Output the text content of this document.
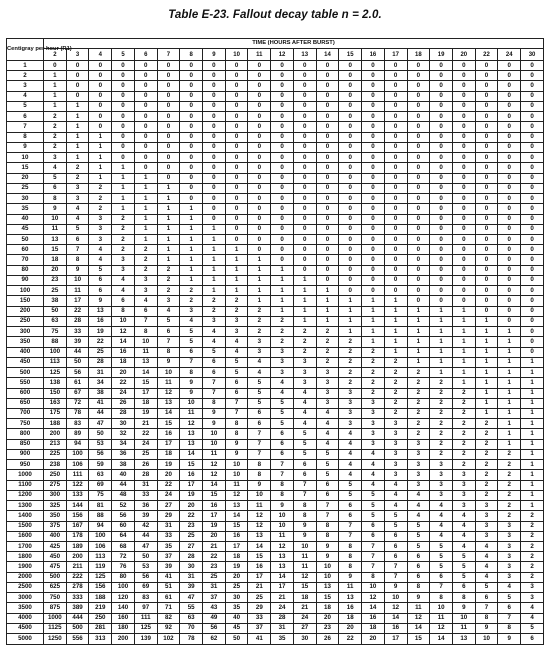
Table E-23. Fallout decay table n = 2.0.
Centigray per hour (R1)	TIME (HOURS AFTER BURST)																					
	2	3	4	5	6	7	8	9	10	11	12	13	14	15	16	17	18	19	20	22	24	30
1	0	0	0	0	0	0	0	0	0	0	0	0	0	0	0	0	0	0	0	0	0	0
2	1	0	0	0	0	0	0	0	0	0	0	0	0	0	0	0	0	0	0	0	0	0
3	1	0	0	0	0	0	0	0	0	0	0	0	0	0	0	0	0	0	0	0	0	0
4	1	0	0	0	0	0	0	0	0	0	0	0	0	0	0	0	0	0	0	0	0	0
5	1	1	0	0	0	0	0	0	0	0	0	0	0	0	0	0	0	0	0	0	0	0
6	2	1	0	0	0	0	0	0	0	0	0	0	0	0	0	0	0	0	0	0	0	0
7	2	1	0	0	0	0	0	0	0	0	0	0	0	0	0	0	0	0	0	0	0	0
8	2	1	1	0	0	0	0	0	0	0	0	0	0	0	0	0	0	0	0	0	0	0
9	2	1	1	0	0	0	0	0	0	0	0	0	0	0	0	0	0	0	0	0	0	0
10	3	1	1	0	0	0	0	0	0	0	0	0	0	0	0	0	0	0	0	0	0	0
15	4	2	1	1	0	0	0	0	0	0	0	0	0	0	0	0	0	0	0	0	0	0
20	5	2	1	1	1	0	0	0	0	0	0	0	0	0	0	0	0	0	0	0	0	0
25	6	3	2	1	1	1	0	0	0	0	0	0	0	0	0	0	0	0	0	0	0	0
30	8	3	2	1	1	1	0	0	0	0	0	0	0	0	0	0	0	0	0	0	0	0
35	9	4	2	1	1	1	1	0	0	0	0	0	0	0	0	0	0	0	0	0	0	0
40	10	4	3	2	1	1	1	0	0	0	0	0	0	0	0	0	0	0	0	0	0	0
45	11	5	3	2	1	1	1	1	0	0	0	0	0	0	0	0	0	0	0	0	0	0
50	13	6	3	2	1	1	1	1	0	0	0	0	0	0	0	0	0	0	0	0	0	0
60	15	7	4	2	2	1	1	1	1	0	0	0	0	0	0	0	0	0	0	0	0	0
70	18	8	4	3	2	1	1	1	1	1	0	0	0	0	0	0	0	0	0	0	0	0
80	20	9	5	3	2	2	1	1	1	1	1	0	0	0	0	0	0	0	0	0	0	0
90	23	10	6	4	3	2	1	1	1	1	1	1	0	0	0	0	0	0	0	0	0	0
100	25	11	6	4	3	2	2	1	1	1	1	1	1	0	0	0	0	0	0	0	0	0
150	38	17	9	6	4	3	2	2	2	1	1	1	1	1	1	1	0	0	0	0	0	0
200	50	22	13	8	6	4	3	2	2	2	1	1	1	1	1	1	1	1	1	0	0	0
250	63	28	16	10	7	5	4	3	3	2	2	1	1	1	1	1	1	1	1	1	0	0
300	75	33	19	12	8	6	5	4	3	2	2	2	2	1	1	1	1	1	1	1	1	0
350	88	39	22	14	10	7	5	4	4	3	2	2	2	2	1	1	1	1	1	1	1	0
400	100	44	25	16	11	8	6	5	4	3	3	2	2	2	2	1	1	1	1	1	1	0
450	113	50	28	18	13	9	7	6	5	4	3	3	2	2	2	2	1	1	1	1	1	1
500	125	56	31	20	14	10	8	6	5	4	3	3	3	2	2	2	2	1	1	1	1	1
550	138	61	34	22	15	11	9	7	6	5	4	3	3	2	2	2	2	2	1	1	1	1
600	150	67	38	24	17	12	9	7	6	5	4	4	3	3	2	2	2	2	2	1	1	1
650	163	72	41	26	18	13	10	8	7	5	5	4	3	3	3	2	2	2	2	1	1	1
700	175	78	44	28	19	14	11	9	7	6	5	4	4	3	3	2	2	2	2	1	1	1
750	188	83	47	30	21	15	12	9	8	6	5	4	4	3	3	3	2	2	2	2	1	1
800	200	89	50	32	22	16	13	10	8	7	6	5	4	4	3	3	2	2	2	2	1	1
850	213	94	53	34	24	17	13	10	9	7	6	5	4	4	3	3	3	2	2	2	1	1
900	225	100	56	36	25	18	14	11	9	7	6	5	5	4	4	3	3	2	2	2	2	1
950	238	106	59	38	26	19	15	12	10	8	7	6	5	4	4	3	3	3	2	2	2	1
1000	250	111	63	40	28	20	16	12	10	8	7	6	5	4	4	3	3	3	3	2	2	1
1100	275	122	69	44	31	22	17	14	11	9	8	7	6	5	4	4	3	3	3	2	2	1
1200	300	133	75	48	33	24	19	15	12	10	8	7	6	5	5	4	4	3	3	2	2	1
1300	325	144	81	52	36	27	20	16	13	11	9	8	7	6	5	4	4	4	3	3	2	1
1400	350	156	88	56	39	29	22	17	14	12	10	8	7	6	5	5	4	4	4	3	2	2
1500	375	167	94	60	42	31	23	19	15	12	10	9	8	7	6	5	5	4	4	3	3	2
1600	400	178	100	64	44	33	25	20	16	13	11	9	8	7	6	6	5	4	4	3	3	2
1700	425	189	106	68	47	35	27	21	17	14	12	10	9	8	7	6	5	5	4	4	3	2
1800	450	200	113	72	50	37	28	22	18	15	13	11	9	8	7	6	6	5	5	4	3	2
1900	475	211	119	76	53	39	30	23	19	16	13	11	10	8	7	7	6	5	5	4	3	2
2000	500	222	125	80	56	41	31	25	20	17	14	12	10	9	8	7	6	6	5	4	3	2
2500	625	278	156	100	69	51	39	31	25	21	17	15	13	11	10	9	8	7	6	5	4	3
3000	750	333	188	120	83	61	47	37	30	25	21	18	15	13	12	10	9	8	8	6	5	3
3500	875	389	219	140	97	71	55	43	35	29	24	21	18	16	14	12	11	10	9	7	6	4
4000	1000	444	250	160	111	82	63	49	40	33	28	24	20	18	16	14	12	11	10	8	7	4
4500	1125	500	281	180	125	92	70	56	45	37	31	27	23	20	18	16	14	12	11	9	8	5
5000	1250	556	313	200	139	102	78	62	50	41	35	30	26	22	20	17	15	14	13	10	9	6
